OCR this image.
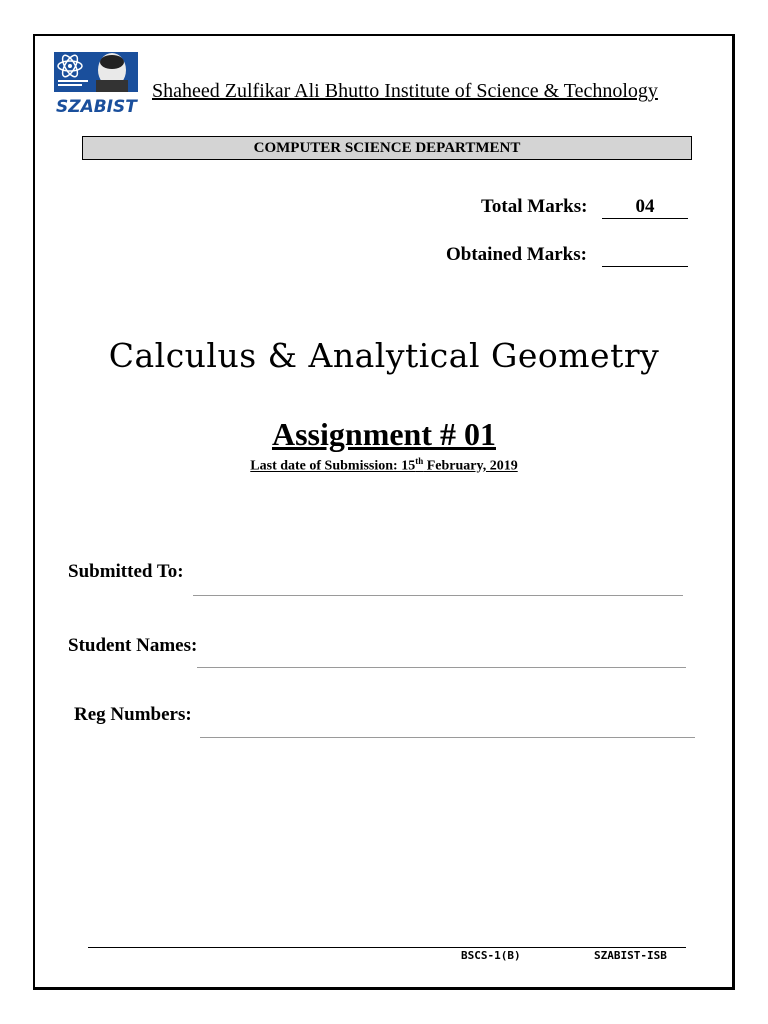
SZABIST
Shaheed Zulfikar Ali Bhutto Institute of Science & Technology
COMPUTER SCIENCE DEPARTMENT
Total Marks:	04
Obtained Marks:
Calculus & Analytical Geometry
Assignment # 01
Last date of Submission: 15th February, 2019
Submitted To:
Student Names:
Reg Numbers:
BSCS-1(B)	SZABIST-ISB
